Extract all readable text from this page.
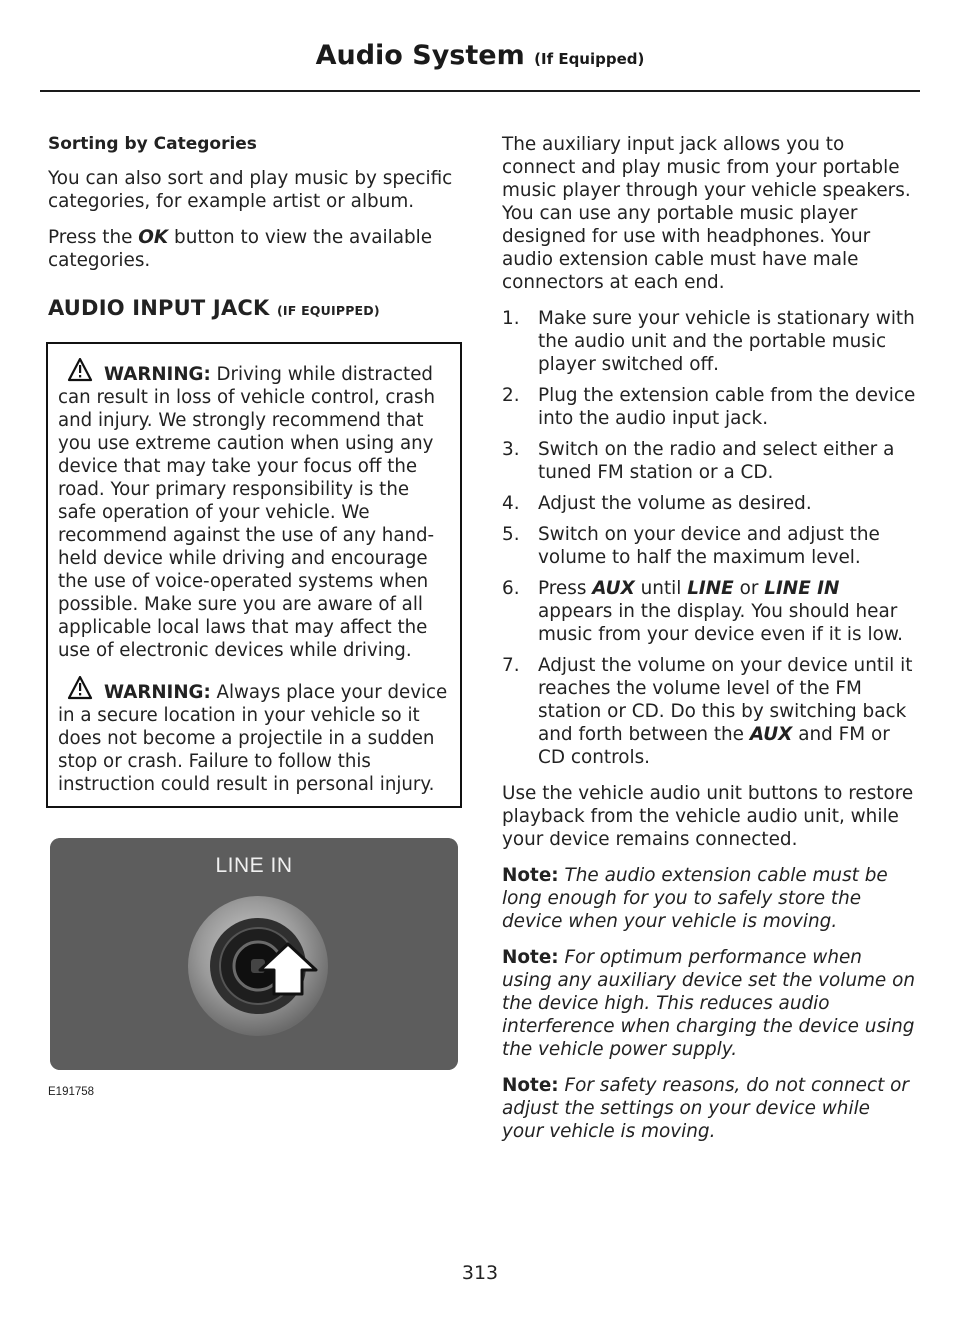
Audio System (If Equipped)
Sorting by Categories

You can also sort and play music by specific categories, for example artist or album.

Press the OK button to view the available categories.

AUDIO INPUT JACK (IF EQUIPPED)

WARNING: Driving while distracted can result in loss of vehicle control, crash and injury. We strongly recommend that you use extreme caution when using any device that may take your focus off the road. Your primary responsibility is the safe operation of your vehicle. We recommend against the use of any hand-held device while driving and encourage the use of voice-operated systems when possible. Make sure you are aware of all applicable local laws that may affect the use of electronic devices while driving.

WARNING: Always place your device in a secure location in your vehicle so it does not become a projectile in a sudden stop or crash. Failure to follow this instruction could result in personal injury.

LINE IN
E191758

The auxiliary input jack allows you to connect and play music from your portable music player through your vehicle speakers. You can use any portable music player designed for use with headphones. Your audio extension cable must have male connectors at each end.

1. Make sure your vehicle is stationary with the audio unit and the portable music player switched off.
2. Plug the extension cable from the device into the audio input jack.
3. Switch on the radio and select either a tuned FM station or a CD.
4. Adjust the volume as desired.
5. Switch on your device and adjust the volume to half the maximum level.
6. Press AUX until LINE or LINE IN appears in the display. You should hear music from your device even if it is low.
7. Adjust the volume on your device until it reaches the volume level of the FM station or CD. Do this by switching back and forth between the AUX and FM or CD controls.

Use the vehicle audio unit buttons to restore playback from the vehicle audio unit, while your device remains connected.

Note: The audio extension cable must be long enough for you to safely store the device when your vehicle is moving.

Note: For optimum performance when using any auxiliary device set the volume on the device high. This reduces audio interference when charging the device using the vehicle power supply.

Note: For safety reasons, do not connect or adjust the settings on your device while your vehicle is moving.

313
